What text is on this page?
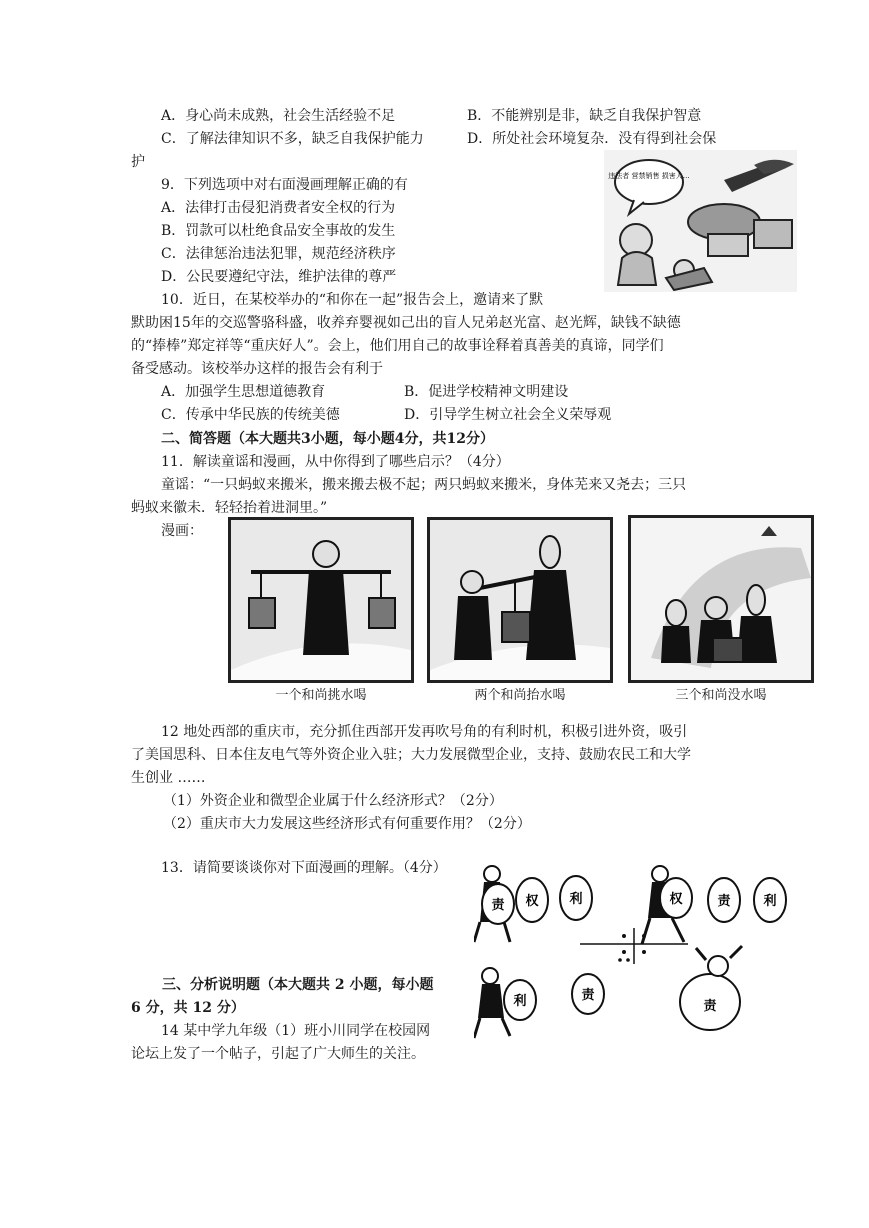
A．身心尚未成熟，社会生活经验不足	B．不能辨别是非，缺乏自我保护智意
C．了解法律知识不多，缺乏自我保护能力	D．所处社会环境复杂．没有得到社会保
护
违法者 营禁销售 损害人…
9．下列选项中对右面漫画理解正确的有
A．法律打击侵犯消费者安全权的行为
B．罚款可以杜绝食品安全事故的发生
C．法律惩治违法犯罪，规范经济秩序
D．公民要遵纪守法，维护法律的尊严
10．近日，在某校举办的“和你在一起”报告会上，邀请来了默
默助困15年的交巡警骆科盛，收养弃婴视如己出的盲人兄弟赵光富、赵光辉，缺钱不缺德
的“捧棒”郑定祥等“重庆好人”。会上，他们用自己的故事诠释着真善美的真谛，同学们
备受感动。该校举办这样的报告会有利于
A．加强学生思想道德教育	B．促进学校精神文明建设
C．传承中华民族的传统美德	D．引导学生树立社会全义荣辱观
二、简答题（本大题共3小题，每小题4分，共12分）
11．解读童谣和漫画，从中你得到了哪些启示？（4分）
童谣：“一只蚂蚁来搬米，搬来搬去极不起；两只蚂蚁来搬米，身体芜来又尧去；三只
蚂蚁来徽未．轻轻抬着进洞里。”
漫画：
一个和尚挑水喝	两个和尚抬水喝	三个和尚没水喝
12 地处西部的重庆市，充分抓住西部开发再吹号角的有利时机，积极引进外资，吸引
了美国思科、日本住友电气等外资企业入驻；大力发展微型企业，支持、鼓励农民工和大学
生创业 ……
（1）外资企业和微型企业属于什么经济形式？（2分）
（2）重庆市大力发展这些经济形式有何重要作用？（2分）
13．请简要谈谈你对下面漫画的理解。（4分）
责 权 利	权	责	利
利	责
责
三、分析说明题（本大题共 2 小题，每小题
6 分，共 12 分）
14 某中学九年级（1）班小川同学在校园网
论坛上发了一个帖子，引起了广大师生的关注。
